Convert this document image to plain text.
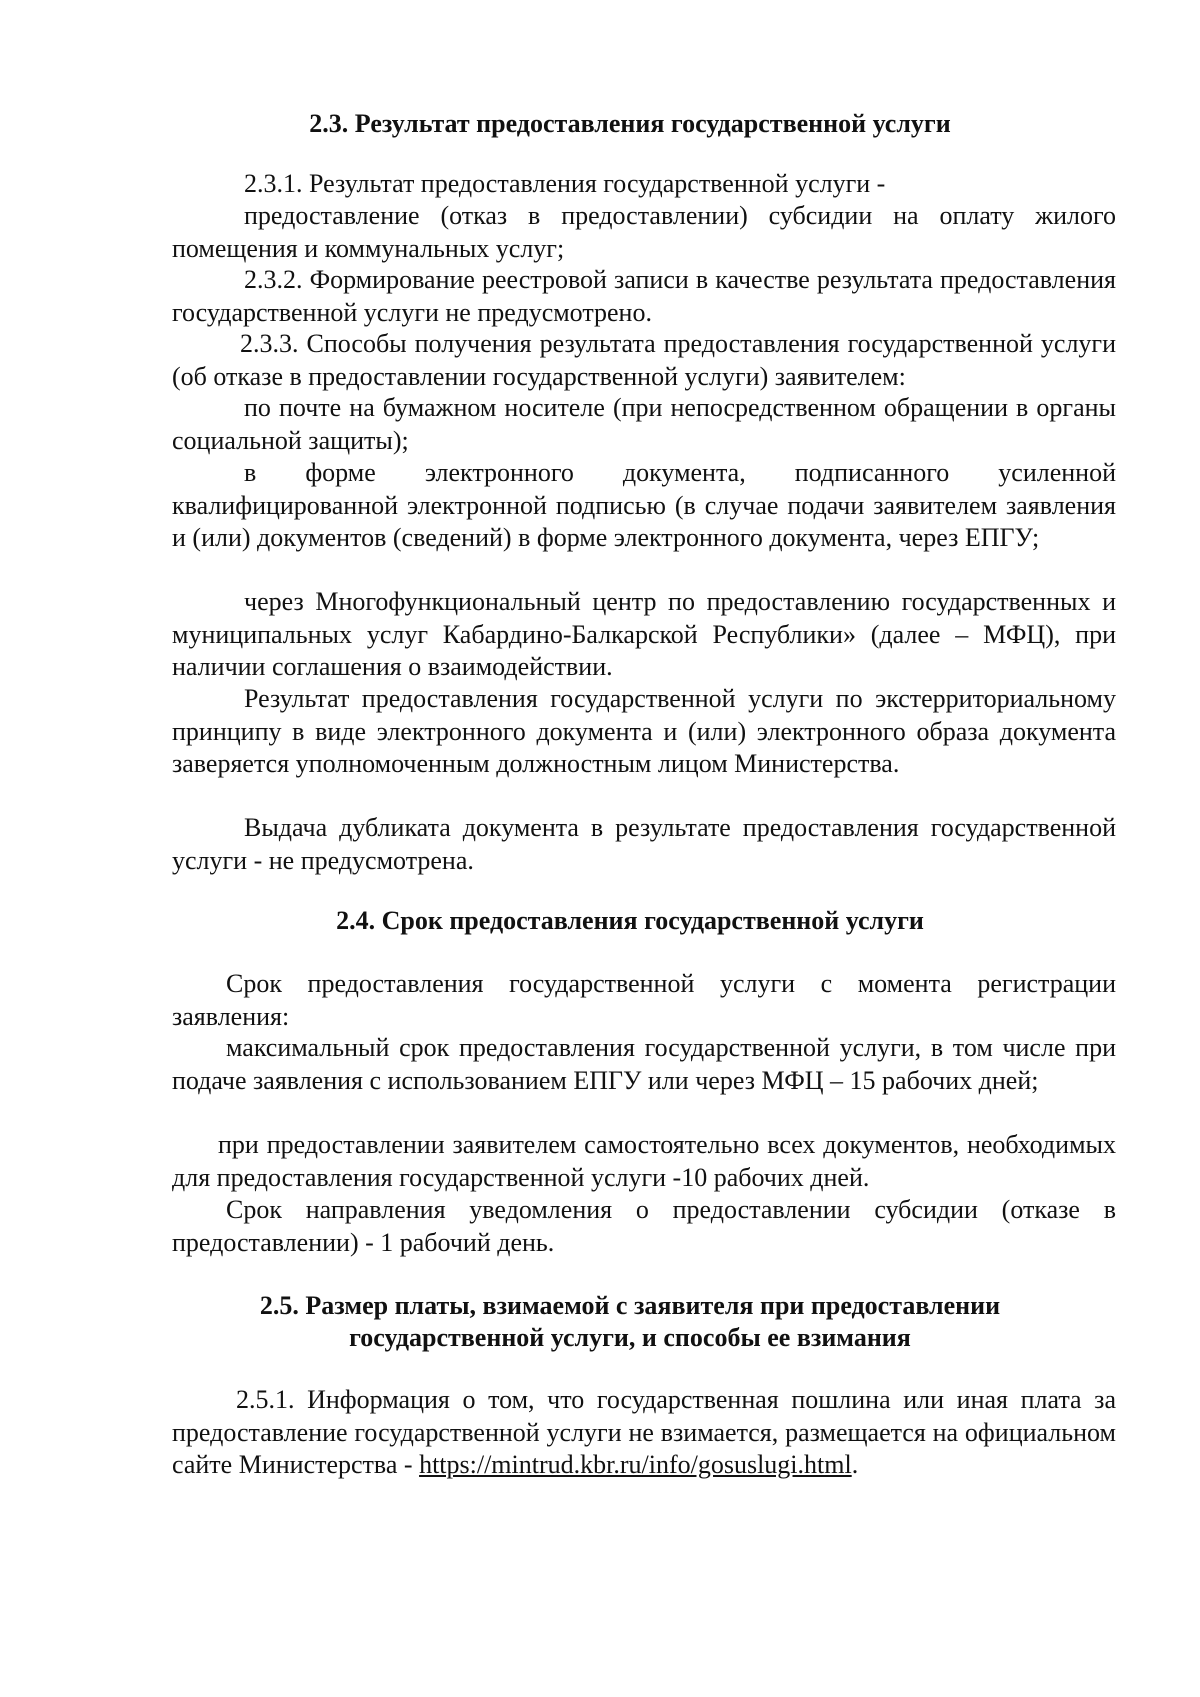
2.3. Результат предоставления государственной услуги
2.3.1. Результат предоставления государственной услуги -
предоставление (отказ в предоставлении) субсидии на оплату жилого помещения и коммунальных услуг;
2.3.2. Формирование реестровой записи в качестве результата предоставления государственной услуги не предусмотрено.
2.3.3. Способы получения результата предоставления государственной услуги (об отказе в предоставлении государственной услуги) заявителем:
по почте на бумажном носителе (при непосредственном обращении в органы социальной защиты);
в форме электронного документа, подписанного усиленной квалифицированной электронной подписью (в случае подачи заявителем заявления и (или) документов (сведений) в форме электронного документа, через ЕПГУ;
через Многофункциональный центр по предоставлению государственных и муниципальных услуг Кабардино-Балкарской Республики» (далее – МФЦ), при наличии соглашения о взаимодействии.
Результат предоставления государственной услуги по экстерриториальному принципу в виде электронного документа и (или) электронного образа документа заверяется уполномоченным должностным лицом Министерства.
Выдача дубликата документа в результате предоставления государственной услуги - не предусмотрена.
2.4. Срок предоставления государственной услуги
Срок предоставления государственной услуги с момента регистрации заявления:
максимальный срок предоставления государственной услуги, в том числе при подаче заявления с использованием ЕПГУ или через МФЦ – 15 рабочих дней;
при предоставлении заявителем самостоятельно всех документов, необходимых для предоставления государственной услуги -10 рабочих дней.
Срок направления уведомления о предоставлении субсидии (отказе в предоставлении) - 1 рабочий день.
2.5. Размер платы, взимаемой с заявителя при предоставлении
государственной услуги, и способы ее взимания
2.5.1. Информация о том, что государственная пошлина или иная плата за предоставление государственной услуги не взимается, размещается на официальном сайте Министерства - https://mintrud.kbr.ru/info/gosuslugi.html.
